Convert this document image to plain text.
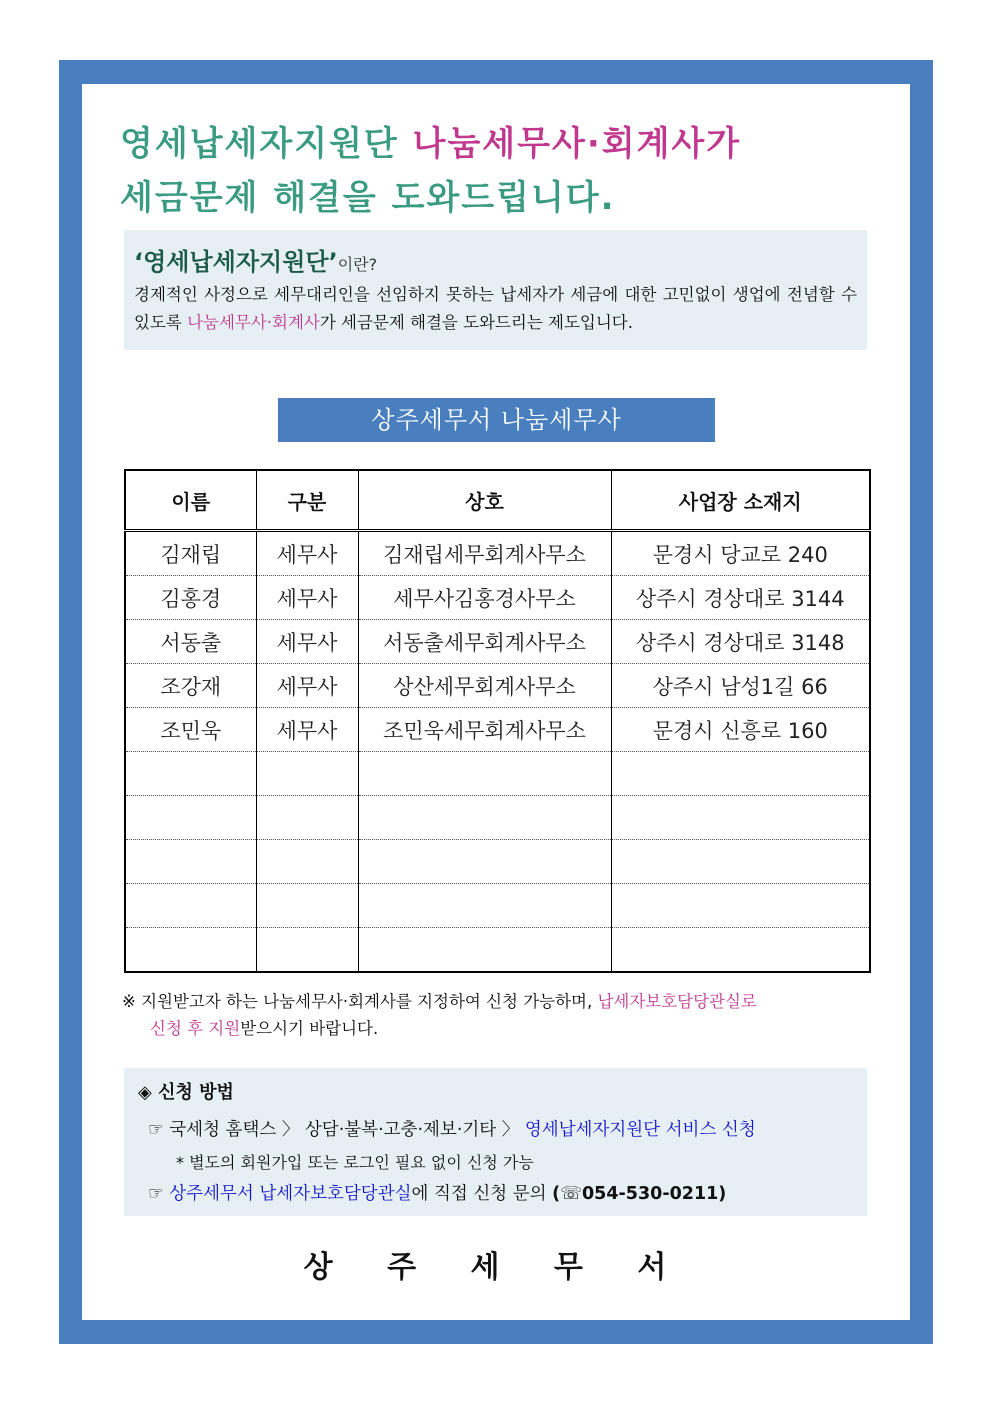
영세납세자지원단 나눔세무사·회계사가
세금문제 해결을 도와드립니다.
‘영세납세자지원단’이란?
경제적인 사정으로 세무대리인을 선임하지 못하는 납세자가 세금에 대한 고민없이 생업에 전념할 수 있도록 나눔세무사·회계사가 세금문제 해결을 도와드리는 제도입니다.
상주세무서 나눔세무사
이름	구분	상호	사업장 소재지
김재립	세무사	김재립세무회계사무소	문경시 당교로 240
김홍경	세무사	세무사김홍경사무소	상주시 경상대로 3144
서동출	세무사	서동출세무회계사무소	상주시 경상대로 3148
조강재	세무사	상산세무회계사무소	상주시 남성1길 66
조민욱	세무사	조민욱세무회계사무소	문경시 신흥로 160

※ 지원받고자 하는 나눔세무사·회계사를 지정하여 신청 가능하며, 납세자보호담당관실로
신청 후 지원받으시기 바랍니다.
◈ 신청 방법
☞ 국세청 홈택스 〉 상담·불복·고충·제보·기타 〉 영세납세자지원단 서비스 신청
* 별도의 회원가입 또는 로그인 필요 없이 신청 가능
☞ 상주세무서 납세자보호담당관실에 직접 신청 문의 (☏054-530-0211)
상 주 세 무 서
